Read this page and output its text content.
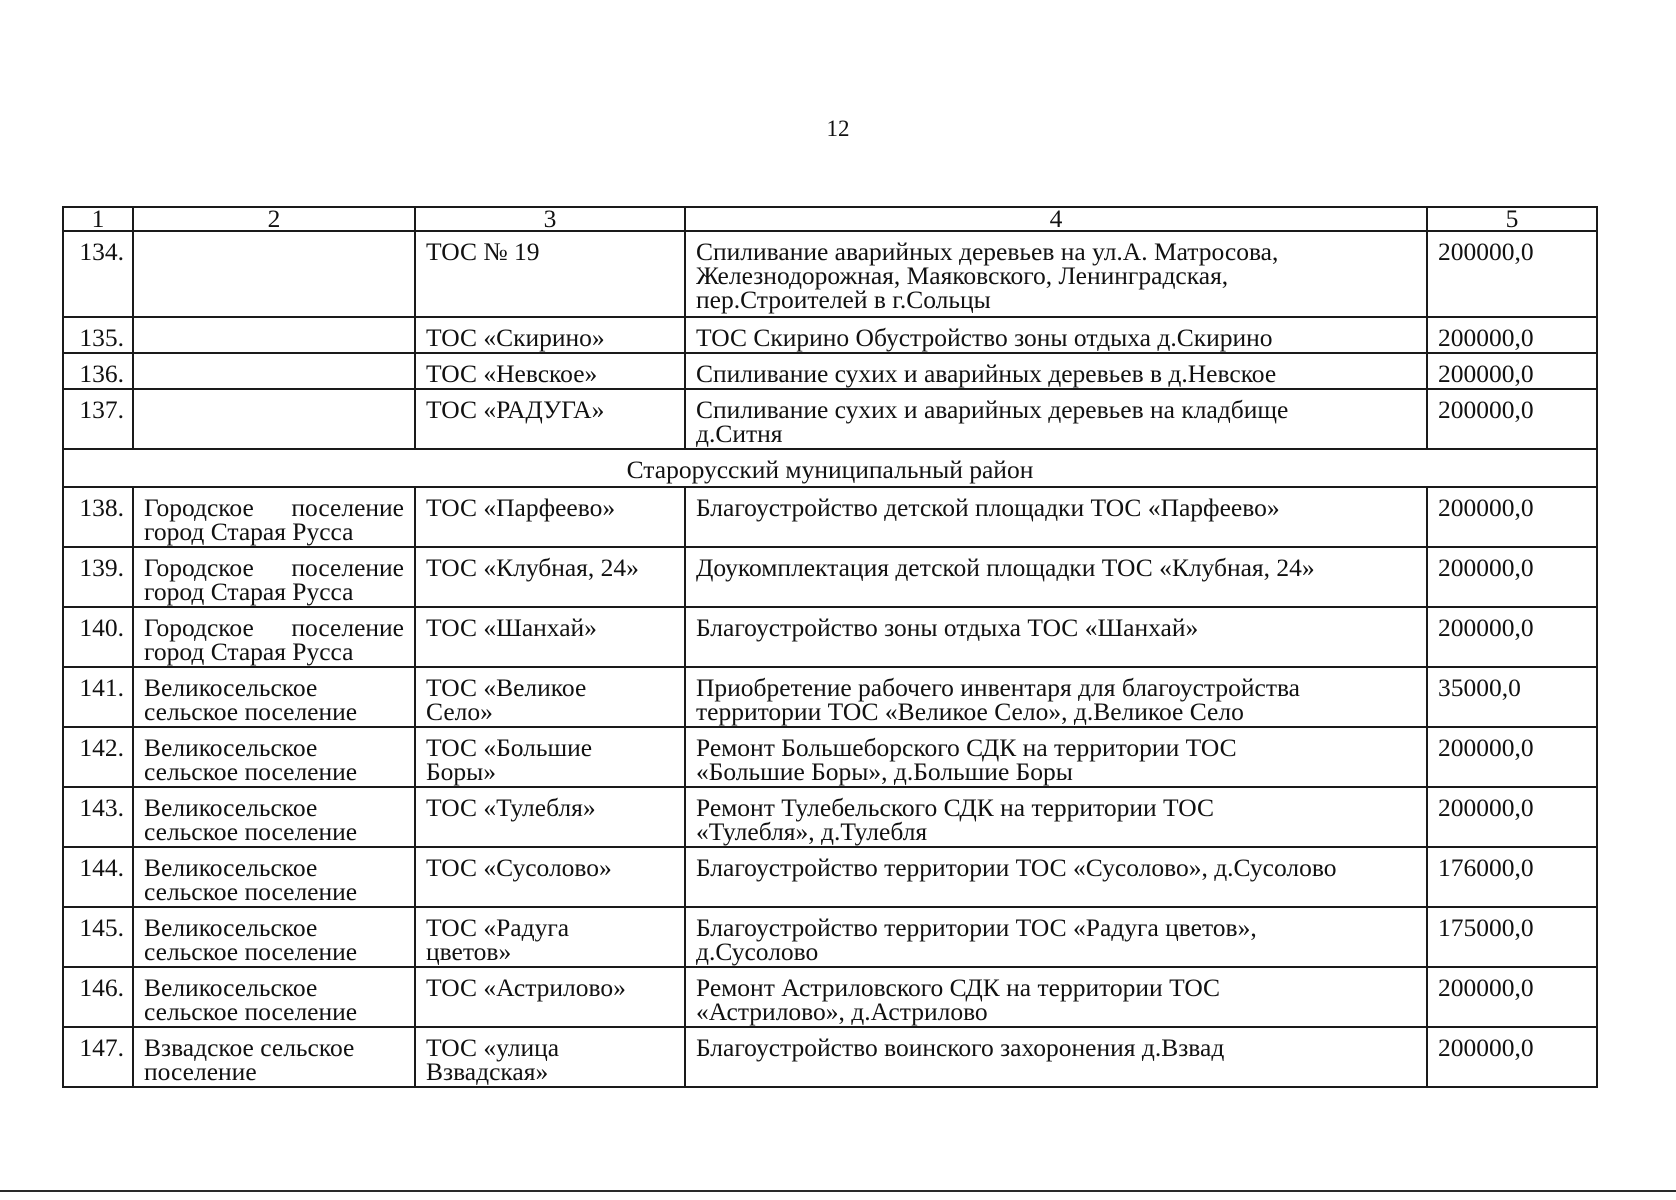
12
1	2	3	4	5
134.		ТОС № 19	Спиливание аварийных деревьев на ул.А. Матросова,
Железнодорожная, Маяковского, Ленинградская,
пер.Строителей в г.Сольцы	200000,0
135.		ТОС «Скирино»	ТОС Скирино Обустройство зоны отдыха д.Скирино	200000,0
136.		ТОС «Невское»	Спиливание сухих и аварийных деревьев в д.Невское	200000,0
137.		ТОС «РАДУГА»	Спиливание сухих и аварийных деревьев на кладбище
д.Ситня	200000,0
Старорусский муниципальный район				
138.	Городское поселение город Старая Русса	ТОС «Парфеево»	Благоустройство детской площадки ТОС «Парфеево»	200000,0
139.	Городское поселение город Старая Русса	ТОС «Клубная, 24»	Доукомплектация детской площадки ТОС «Клубная, 24»	200000,0
140.	Городское поселение город Старая Русса	ТОС «Шанхай»	Благоустройство зоны отдыха ТОС «Шанхай»	200000,0
141.	Великосельское
сельское поселение	ТОС «Великое
Село»	Приобретение рабочего инвентаря для благоустройства
территории ТОС «Великое Село», д.Великое Село	35000,0
142.	Великосельское
сельское поселение	ТОС «Большие
Боры»	Ремонт Большеборского СДК на территории ТОС
«Большие Боры», д.Большие Боры	200000,0
143.	Великосельское
сельское поселение	ТОС «Тулебля»	Ремонт Тулебельского СДК на территории ТОС
«Тулебля», д.Тулебля	200000,0
144.	Великосельское
сельское поселение	ТОС «Сусолово»	Благоустройство территории ТОС «Сусолово», д.Сусолово	176000,0
145.	Великосельское
сельское поселение	ТОС «Радуга
цветов»	Благоустройство территории ТОС «Радуга цветов»,
д.Сусолово	175000,0
146.	Великосельское
сельское поселение	ТОС «Астрилово»	Ремонт Астриловского СДК на территории ТОС
«Астрилово», д.Астрилово	200000,0
147.	Взвадское сельское
поселение	ТОС «улица
Взвадская»	Благоустройство воинского захоронения д.Взвад	200000,0
